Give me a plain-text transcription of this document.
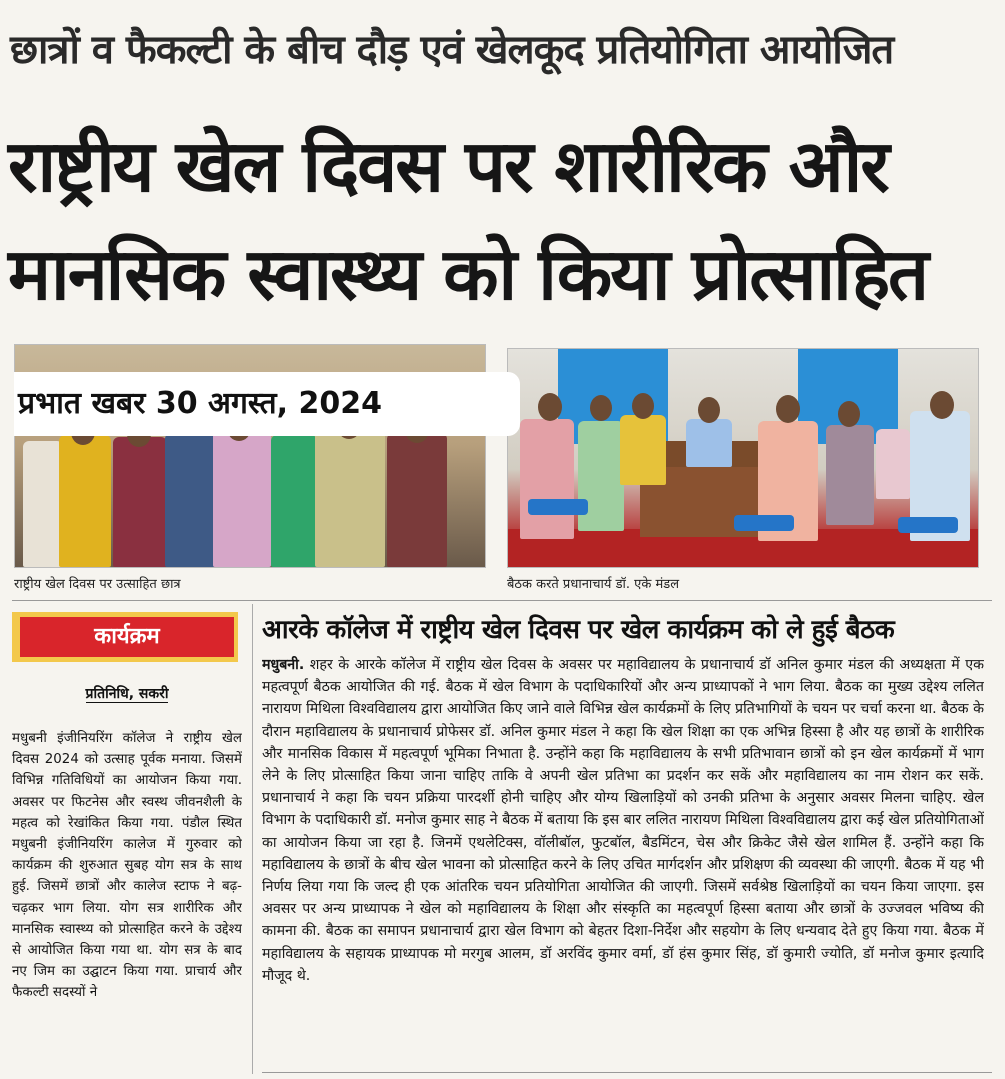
छात्रों व फैकल्टी के बीच दौड़ एवं खेलकूद प्रतियोगिता आयोजित
राष्ट्रीय खेल दिवस पर शारीरिक और मानसिक स्वास्थ्य को किया प्रोत्साहित
प्रभात खबर 30 अगस्त, 2024
राष्ट्रीय खेल दिवस पर उत्साहित छात्र	बैठक करते प्रधानाचार्य डॉ. एके मंडल
कार्यक्रम
प्रतिनिधि, सकरी
मधुबनी इंजीनियरिंग कॉलेज ने राष्ट्रीय खेल दिवस 2024 को उत्साह पूर्वक मनाया. जिसमें विभिन्न गतिविधियों का आयोजन किया गया. अवसर पर फिटनेस और स्वस्थ जीवनशैली के महत्व को रेखांकित किया गया. पंडौल स्थित मधुबनी इंजीनियरिंग कालेज में गुरुवार को कार्यक्रम की शुरुआत सुबह योग सत्र के साथ हुई. जिसमें छात्रों और कालेज स्टाफ ने बढ़-चढ़कर भाग लिया. योग सत्र शारीरिक और मानसिक स्वास्थ्य को प्रोत्साहित करने के उद्देश्य से आयोजित किया गया था. योग सत्र के बाद नए जिम का उद्घाटन किया गया. प्राचार्य और फैकल्टी सदस्यों ने
आरके कॉलेज में राष्ट्रीय खेल दिवस पर खेल कार्यक्रम को ले हुई बैठक
मधुबनी. शहर के आरके कॉलेज में राष्ट्रीय खेल दिवस के अवसर पर महाविद्यालय के प्रधानाचार्य डॉ अनिल कुमार मंडल की अध्यक्षता में एक महत्वपूर्ण बैठक आयोजित की गई. बैठक में खेल विभाग के पदाधिकारियों और अन्य प्राध्यापकों ने भाग लिया. बैठक का मुख्य उद्देश्य ललित नारायण मिथिला विश्वविद्यालय द्वारा आयोजित किए जाने वाले विभिन्न खेल कार्यक्रमों के लिए प्रतिभागियों के चयन पर चर्चा करना था. बैठक के दौरान महाविद्यालय के प्रधानाचार्य प्रोफेसर डॉ. अनिल कुमार मंडल ने कहा कि खेल शिक्षा का एक अभिन्न हिस्सा है और यह छात्रों के शारीरिक और मानसिक विकास में महत्वपूर्ण भूमिका निभाता है. उन्होंने कहा कि महाविद्यालय के सभी प्रतिभावान छात्रों को इन खेल कार्यक्रमों में भाग लेने के लिए प्रोत्साहित किया जाना चाहिए ताकि वे अपनी खेल प्रतिभा का प्रदर्शन कर सकें और महाविद्यालय का नाम रोशन कर सकें. प्रधानाचार्य ने कहा कि चयन प्रक्रिया पारदर्शी होनी चाहिए और योग्य खिलाड़ियों को उनकी प्रतिभा के अनुसार अवसर मिलना चाहिए. खेल विभाग के पदाधिकारी डॉ. मनोज कुमार साह ने बैठक में बताया कि इस बार ललित नारायण मिथिला विश्वविद्यालय द्वारा कई खेल प्रतियोगिताओं का आयोजन किया जा रहा है. जिनमें एथलेटिक्स, वॉलीबॉल, फुटबॉल, बैडमिंटन, चेस और क्रिकेट जैसे खेल शामिल हैं. उन्होंने कहा कि महाविद्यालय के छात्रों के बीच खेल भावना को प्रोत्साहित करने के लिए उचित मार्गदर्शन और प्रशिक्षण की व्यवस्था की जाएगी. बैठक में यह भी निर्णय लिया गया कि जल्द ही एक आंतरिक चयन प्रतियोगिता आयोजित की जाएगी. जिसमें सर्वश्रेष्ठ खिलाड़ियों का चयन किया जाएगा. इस अवसर पर अन्य प्राध्यापक ने खेल को महाविद्यालय के शिक्षा और संस्कृति का महत्वपूर्ण हिस्सा बताया और छात्रों के उज्जवल भविष्य की कामना की. बैठक का समापन प्रधानाचार्य द्वारा खेल विभाग को बेहतर दिशा-निर्देश और सहयोग के लिए धन्यवाद देते हुए किया गया. बैठक में महाविद्यालय के सहायक प्राध्यापक मो मरगुब आलम, डॉ अरविंद कुमार वर्मा, डॉ हंस कुमार सिंह, डॉ कुमारी ज्योति, डॉ मनोज कुमार इत्यादि मौजूद थे.
